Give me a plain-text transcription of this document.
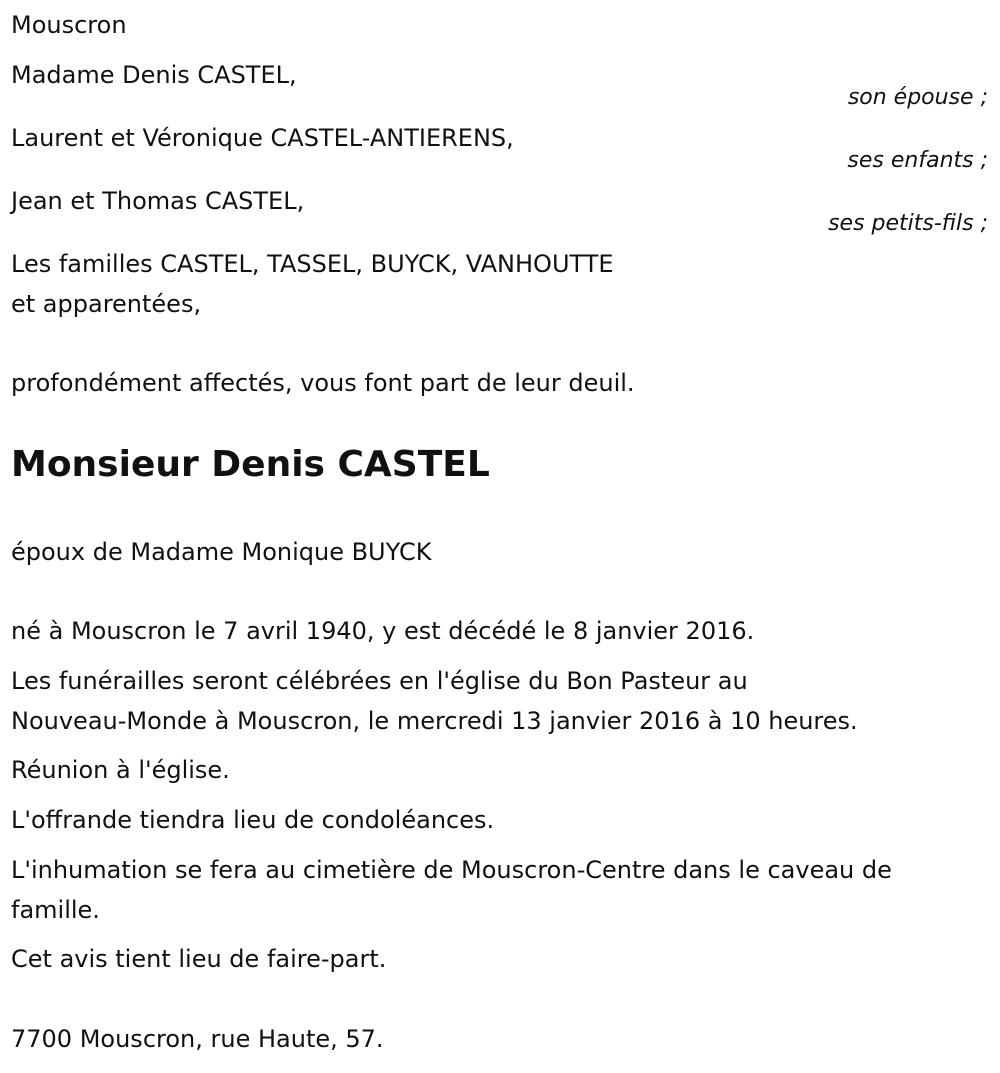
Mouscron
Madame Denis CASTEL,
son épouse ;
Laurent et Véronique CASTEL-ANTIERENS,
ses enfants ;
Jean et Thomas CASTEL,
ses petits-fils ;
Les familles CASTEL, TASSEL, BUYCK, VANHOUTTE
et apparentées,
profondément affectés, vous font part de leur deuil.
Monsieur Denis CASTEL
époux de Madame Monique BUYCK
né à Mouscron le 7 avril 1940, y est décédé le 8 janvier 2016.
Les funérailles seront célébrées en l'église du Bon Pasteur au
Nouveau-Monde à Mouscron, le mercredi 13 janvier 2016 à 10 heures.
Réunion à l'église.
L'offrande tiendra lieu de condoléances.
L'inhumation se fera au cimetière de Mouscron-Centre dans le caveau de
famille.
Cet avis tient lieu de faire-part.
7700 Mouscron, rue Haute, 57.
